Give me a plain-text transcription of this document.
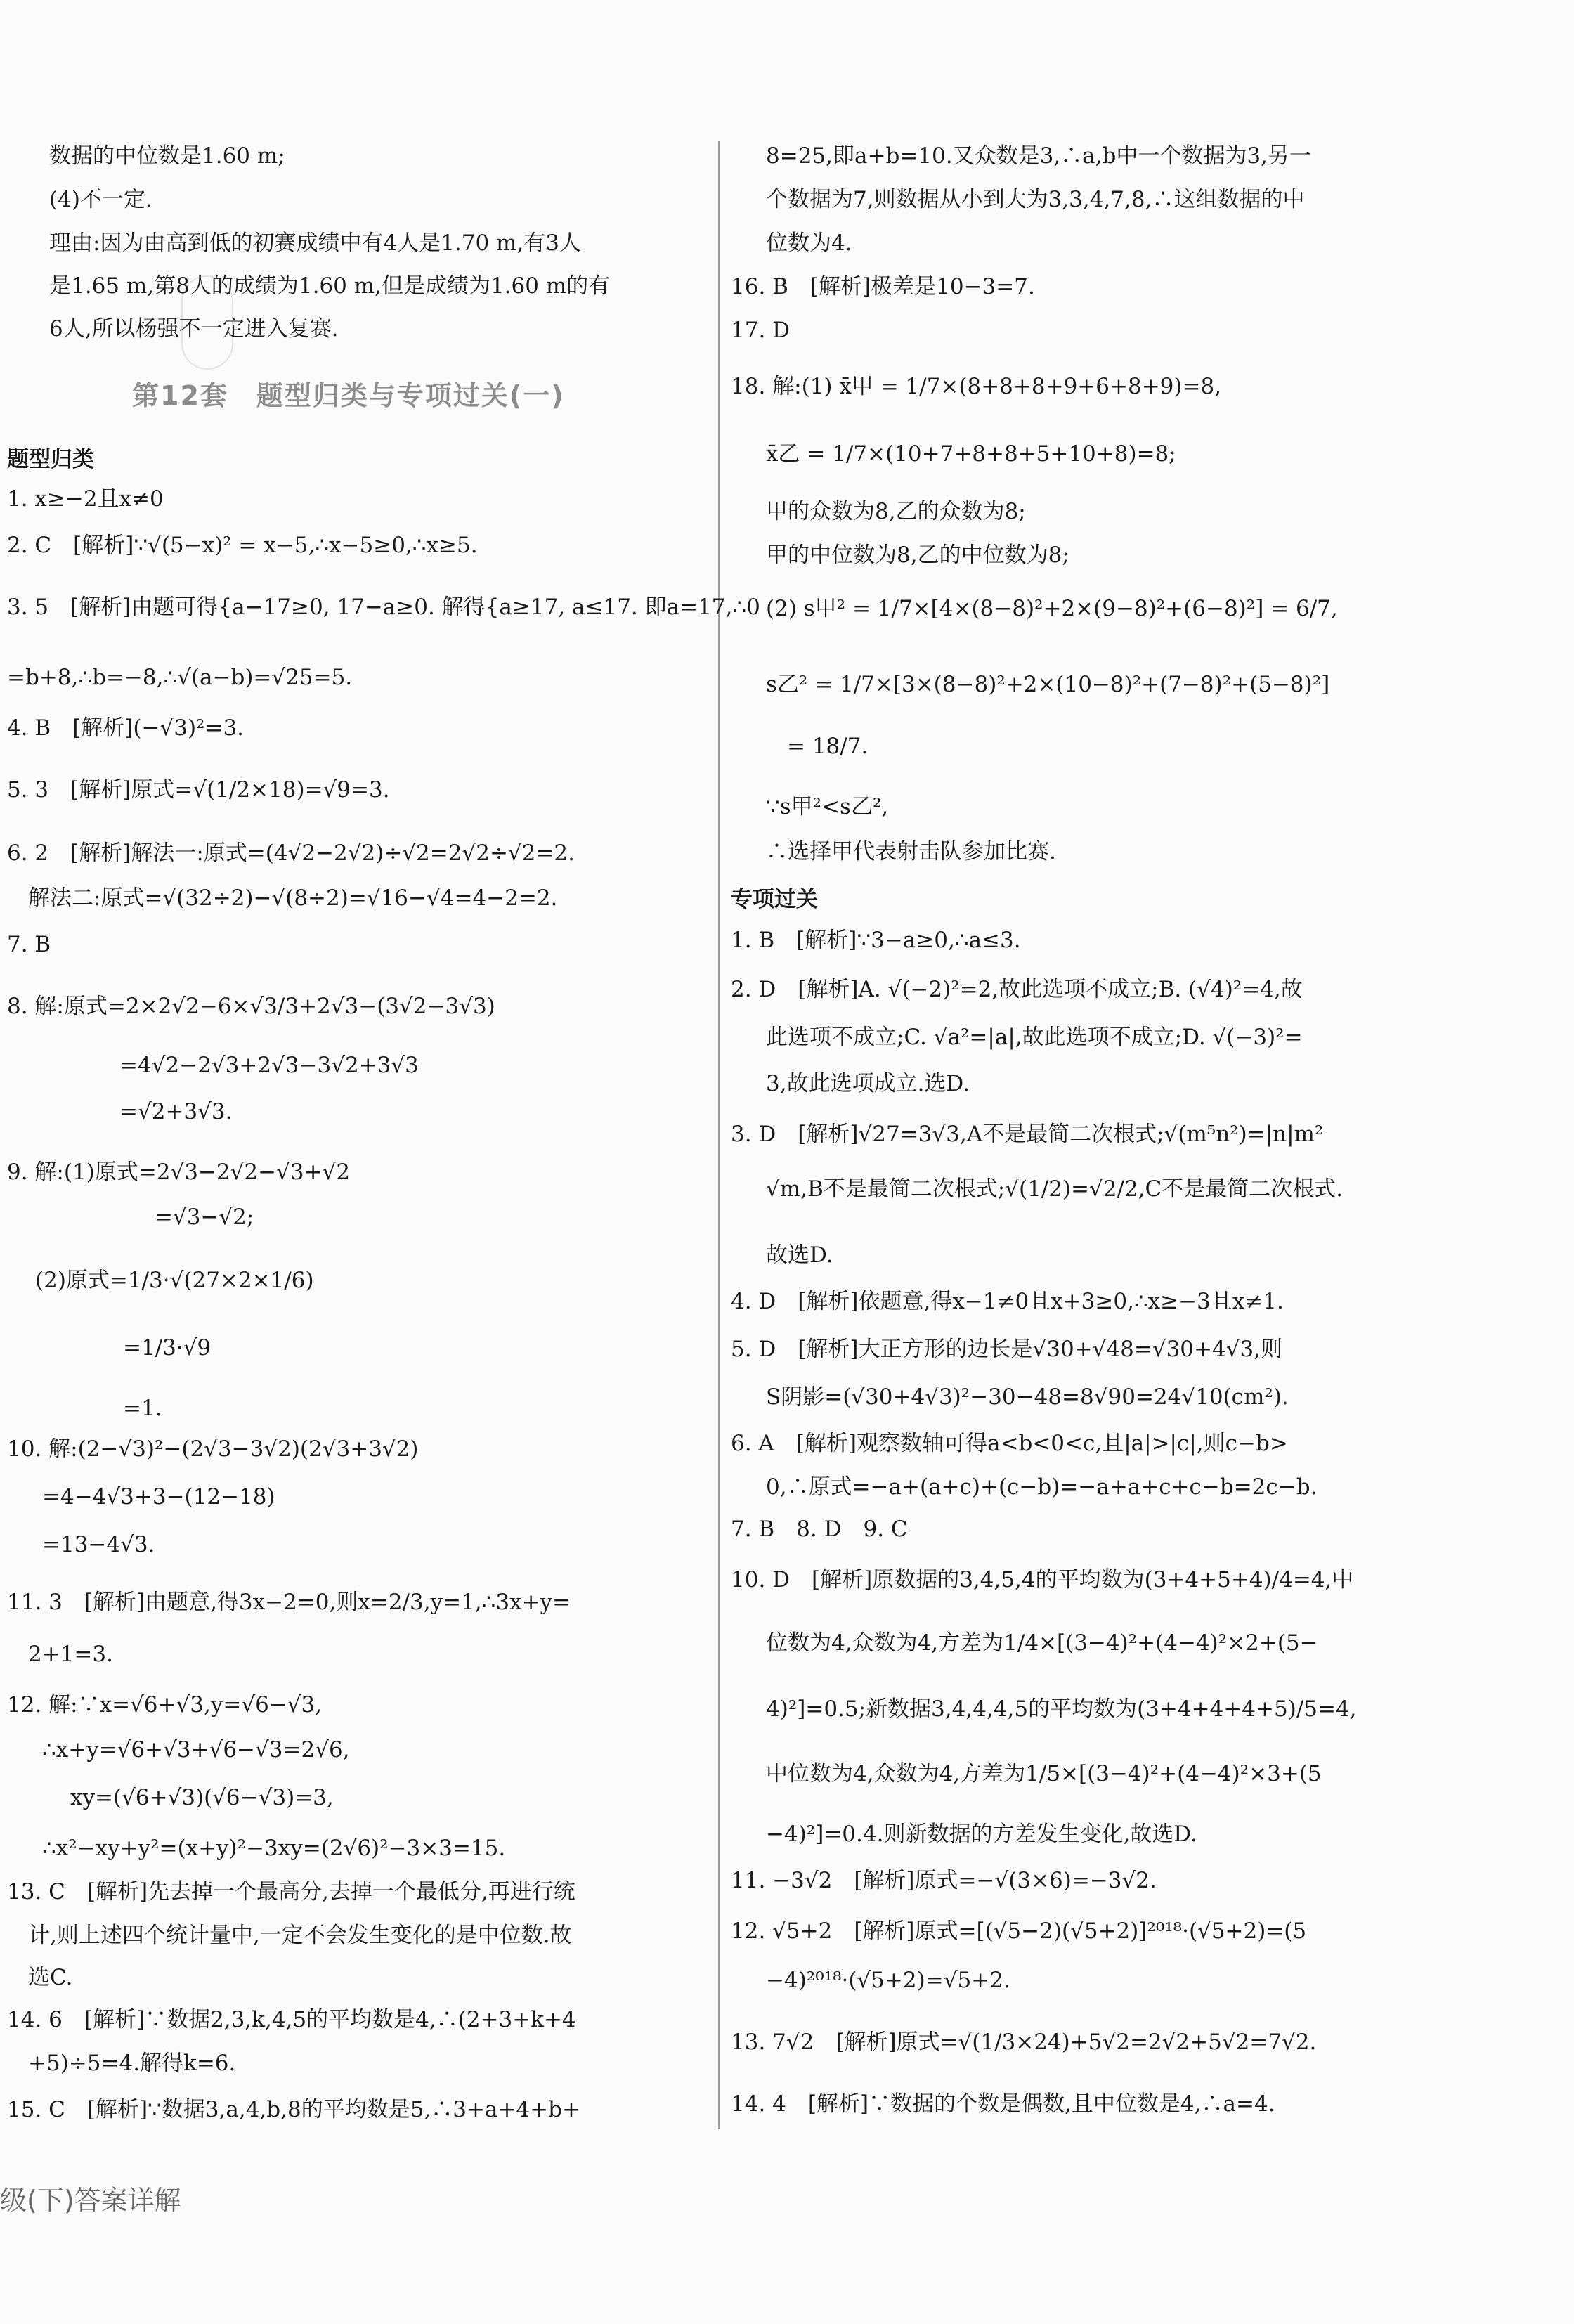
数据的中位数是1.60 m;
(4)不一定.
理由:因为由高到低的初赛成绩中有4人是1.70 m,有3人
是1.65 m,第8人的成绩为1.60 m,但是成绩为1.60 m的有
6人,所以杨强不一定进入复赛.
第12套　题型归类与专项过关(一)
题型归类
1. x≥−2且x≠0
2. C　[解析]∵√(5−x)² = x−5,∴x−5≥0,∴x≥5.
3. 5　[解析]由题可得{a−17≥0, 17−a≥0. 解得{a≥17, a≤17. 即a=17,∴0
=b+8,∴b=−8,∴√(a−b)=√25=5.
4. B　[解析](−√3)²=3.
5. 3　[解析]原式=√(1/2×18)=√9=3.
6. 2　[解析]解法一:原式=(4√2−2√2)÷√2=2√2÷√2=2.
解法二:原式=√(32÷2)−√(8÷2)=√16−√4=4−2=2.
7. B
8. 解:原式=2×2√2−6×√3/3+2√3−(3√2−3√3)
=4√2−2√3+2√3−3√2+3√3
=√2+3√3.
9. 解:(1)原式=2√3−2√2−√3+√2
=√3−√2;
(2)原式=1/3·√(27×2×1/6)
=1/3·√9
=1.
10. 解:(2−√3)²−(2√3−3√2)(2√3+3√2)
=4−4√3+3−(12−18)
=13−4√3.
11. 3　[解析]由题意,得3x−2=0,则x=2/3,y=1,∴3x+y=
2+1=3.
12. 解:∵x=√6+√3,y=√6−√3,
∴x+y=√6+√3+√6−√3=2√6,
xy=(√6+√3)(√6−√3)=3,
∴x²−xy+y²=(x+y)²−3xy=(2√6)²−3×3=15.
13. C　[解析]先去掉一个最高分,去掉一个最低分,再进行统
计,则上述四个统计量中,一定不会发生变化的是中位数.故
选C.
14. 6　[解析]∵数据2,3,k,4,5的平均数是4,∴(2+3+k+4
+5)÷5=4.解得k=6.
15. C　[解析]∵数据3,a,4,b,8的平均数是5,∴3+a+4+b+
8=25,即a+b=10.又众数是3,∴a,b中一个数据为3,另一
个数据为7,则数据从小到大为3,3,4,7,8,∴这组数据的中
位数为4.
16. B　[解析]极差是10−3=7.
17. D
18. 解:(1) x̄甲 = 1/7×(8+8+8+9+6+8+9)=8,
x̄乙 = 1/7×(10+7+8+8+5+10+8)=8;
甲的众数为8,乙的众数为8;
甲的中位数为8,乙的中位数为8;
(2) s甲² = 1/7×[4×(8−8)²+2×(9−8)²+(6−8)²] = 6/7,
s乙² = 1/7×[3×(8−8)²+2×(10−8)²+(7−8)²+(5−8)²]
= 18/7.
∵s甲²<s乙²,
∴选择甲代表射击队参加比赛.
专项过关
1. B　[解析]∵3−a≥0,∴a≤3.
2. D　[解析]A. √(−2)²=2,故此选项不成立;B. (√4)²=4,故
此选项不成立;C. √a²=|a|,故此选项不成立;D. √(−3)²=
3,故此选项成立.选D.
3. D　[解析]√27=3√3,A不是最简二次根式;√(m⁵n²)=|n|m²
√m,B不是最简二次根式;√(1/2)=√2/2,C不是最简二次根式.
故选D.
4. D　[解析]依题意,得x−1≠0且x+3≥0,∴x≥−3且x≠1.
5. D　[解析]大正方形的边长是√30+√48=√30+4√3,则
S阴影=(√30+4√3)²−30−48=8√90=24√10(cm²).
6. A　[解析]观察数轴可得a<b<0<c,且|a|>|c|,则c−b>
0,∴原式=−a+(a+c)+(c−b)=−a+a+c+c−b=2c−b.
7. B　8. D　9. C
10. D　[解析]原数据的3,4,5,4的平均数为(3+4+5+4)/4=4,中
位数为4,众数为4,方差为1/4×[(3−4)²+(4−4)²×2+(5−
4)²]=0.5;新数据3,4,4,4,5的平均数为(3+4+4+4+5)/5=4,
中位数为4,众数为4,方差为1/5×[(3−4)²+(4−4)²×3+(5
−4)²]=0.4.则新数据的方差发生变化,故选D.
11. −3√2　[解析]原式=−√(3×6)=−3√2.
12. √5+2　[解析]原式=[(√5−2)(√5+2)]²⁰¹⁸·(√5+2)=(5
−4)²⁰¹⁸·(√5+2)=√5+2.
13. 7√2　[解析]原式=√(1/3×24)+5√2=2√2+5√2=7√2.
14. 4　[解析]∵数据的个数是偶数,且中位数是4,∴a=4.
级(下)答案详解
